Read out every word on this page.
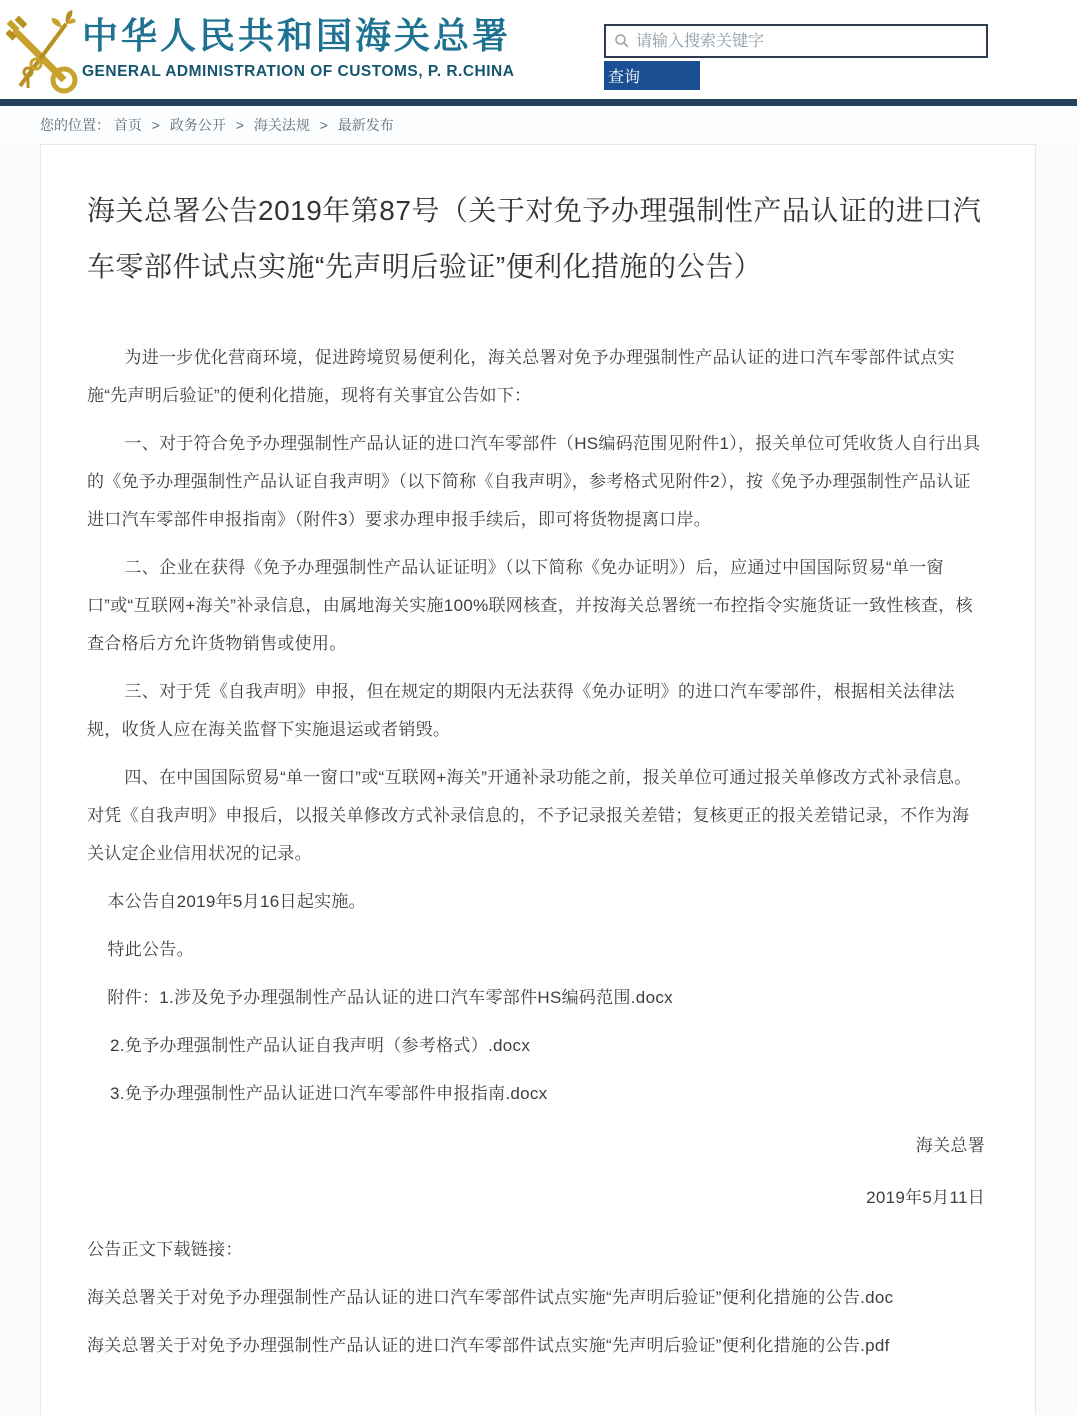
中华人民共和国海关总署
GENERAL ADMINISTRATION OF CUSTOMS, P. R.CHINA
请输入搜索关键字	查询
您的位置： 首页 > 政务公开 > 海关法规 > 最新发布
海关总署公告2019年第87号（关于对免予办理强制性产品认证的进口汽车零部件试点实施“先声明后验证”便利化措施的公告）

为进一步优化营商环境，促进跨境贸易便利化，海关总署对免予办理强制性产品认证的进口汽车零部件试点实施“先声明后验证”的便利化措施，现将有关事宜公告如下：

一、对于符合免予办理强制性产品认证的进口汽车零部件（HS编码范围见附件1），报关单位可凭收货人自行出具的《免予办理强制性产品认证自我声明》（以下简称《自我声明》，参考格式见附件2），按《免予办理强制性产品认证进口汽车零部件申报指南》（附件3）要求办理申报手续后，即可将货物提离口岸。

二、企业在获得《免予办理强制性产品认证证明》（以下简称《免办证明》）后，应通过中国国际贸易“单一窗口”或“互联网+海关”补录信息，由属地海关实施100%联网核查，并按海关总署统一布控指令实施货证一致性核查，核查合格后方允许货物销售或使用。

三、对于凭《自我声明》申报，但在规定的期限内无法获得《免办证明》的进口汽车零部件，根据相关法律法规，收货人应在海关监督下实施退运或者销毁。

四、在中国国际贸易“单一窗口”或“互联网+海关”开通补录功能之前，报关单位可通过报关单修改方式补录信息。对凭《自我声明》申报后，以报关单修改方式补录信息的，不予记录报关差错；复核更正的报关差错记录，不作为海关认定企业信用状况的记录。

本公告自2019年5月16日起实施。

特此公告。

附件：1.涉及免予办理强制性产品认证的进口汽车零部件HS编码范围.docx

2.免予办理强制性产品认证自我声明（参考格式）.docx

3.免予办理强制性产品认证进口汽车零部件申报指南.docx

海关总署

2019年5月11日

公告正文下载链接：

海关总署关于对免予办理强制性产品认证的进口汽车零部件试点实施“先声明后验证”便利化措施的公告.doc

海关总署关于对免予办理强制性产品认证的进口汽车零部件试点实施“先声明后验证”便利化措施的公告.pdf
